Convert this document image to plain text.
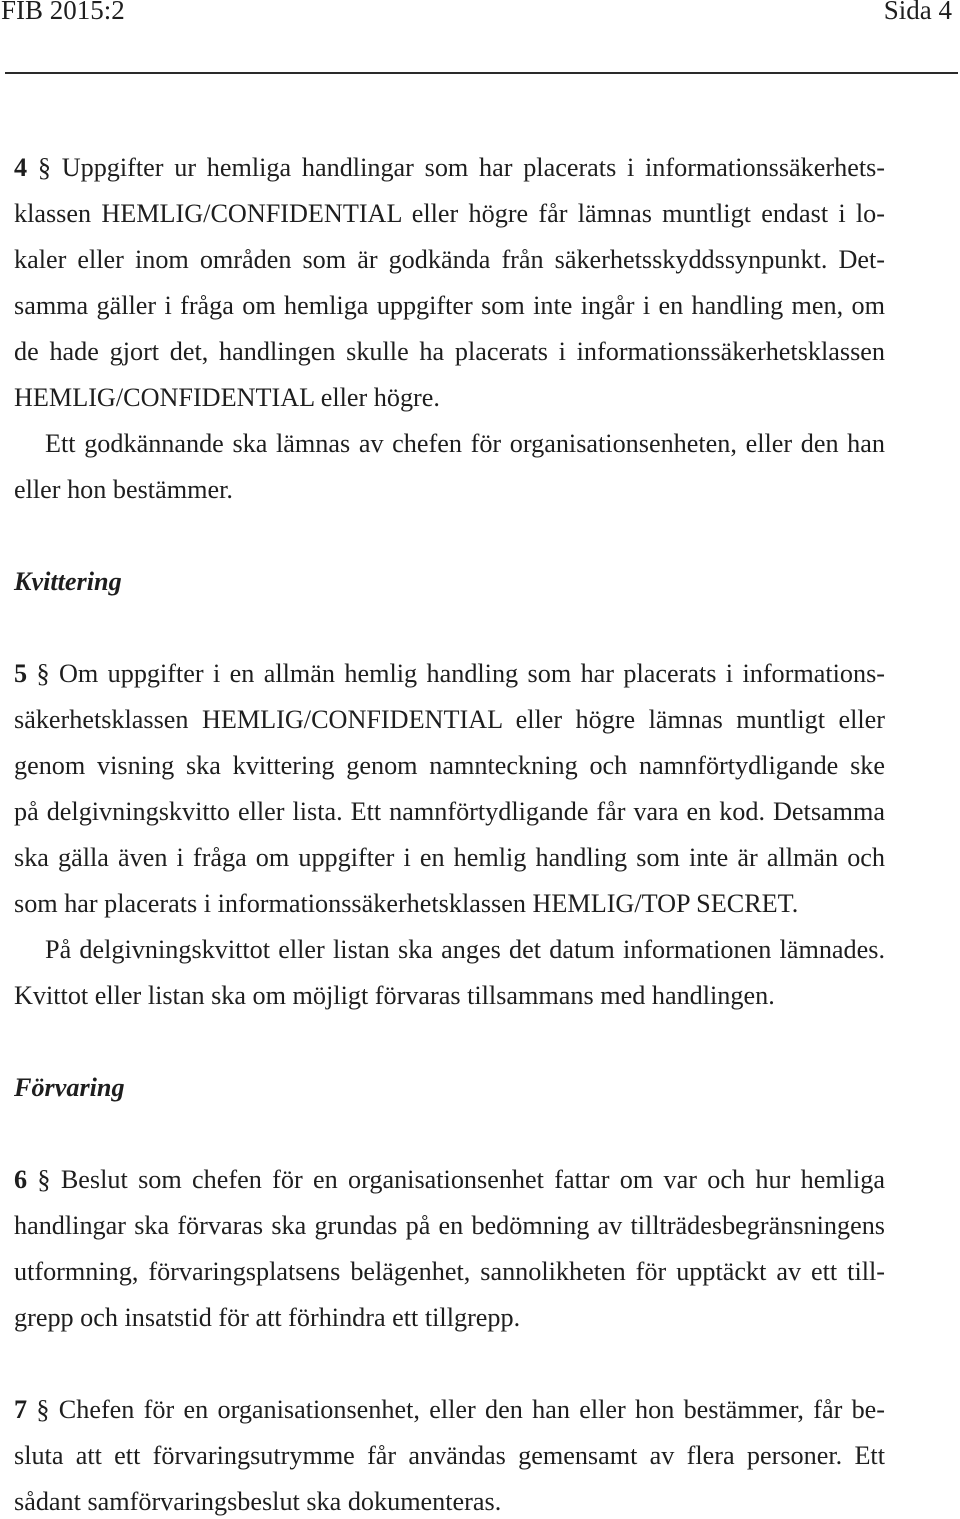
FIB 2015:2	Sida 4
4 § Uppgifter ur hemliga handlingar som har placerats i informationssäkerhets-
klassen HEMLIG/CONFIDENTIAL eller högre får lämnas muntligt endast i lo-
kaler eller inom områden som är godkända från säkerhetsskyddssynpunkt. Det-
samma gäller i fråga om hemliga uppgifter som inte ingår i en handling men, om
de hade gjort det, handlingen skulle ha placerats i informationssäkerhetsklassen
HEMLIG/CONFIDENTIAL eller högre.
Ett godkännande ska lämnas av chefen för organisationsenheten, eller den han
eller hon bestämmer.
Kvittering
5 § Om uppgifter i en allmän hemlig handling som har placerats i informations-
säkerhetsklassen HEMLIG/CONFIDENTIAL eller högre lämnas muntligt eller
genom visning ska kvittering genom namnteckning och namnförtydligande ske
på delgivningskvitto eller lista. Ett namnförtydligande får vara en kod. Detsamma
ska gälla även i fråga om uppgifter i en hemlig handling som inte är allmän och
som har placerats i informationssäkerhetsklassen HEMLIG/TOP SECRET.
På delgivningskvittot eller listan ska anges det datum informationen lämnades.
Kvittot eller listan ska om möjligt förvaras tillsammans med handlingen.
Förvaring
6 § Beslut som chefen för en organisationsenhet fattar om var och hur hemliga
handlingar ska förvaras ska grundas på en bedömning av tillträdesbegränsningens
utformning, förvaringsplatsens belägenhet, sannolikheten för upptäckt av ett till-
grepp och insatstid för att förhindra ett tillgrepp.
7 § Chefen för en organisationsenhet, eller den han eller hon bestämmer, får be-
sluta att ett förvaringsutrymme får användas gemensamt av flera personer. Ett
sådant samförvaringsbeslut ska dokumenteras.
